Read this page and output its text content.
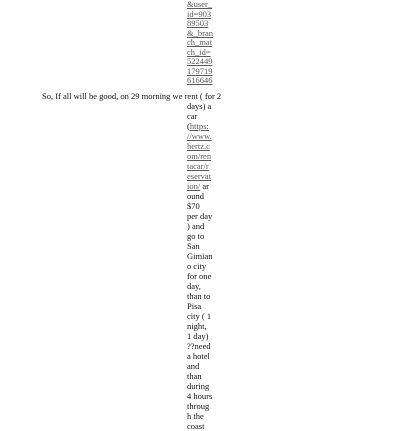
&user_
id=903
89503
&_bran
ch_mat
ch_id=
522449
179719
616646
So, If all will be good, on 29 morning we rent ( for 2
days) a
car
(https:
//www.
hertz.c
om/ren
tacar/r
eservat
ion/ ar
ound
$70
per day
) and
go to
San
Gimian
o city
for one
day,
than to
Pisa
city ( 1
night,
1 day)
??need
a hotel
and
than
during
4 hours
throug
h the
coast
